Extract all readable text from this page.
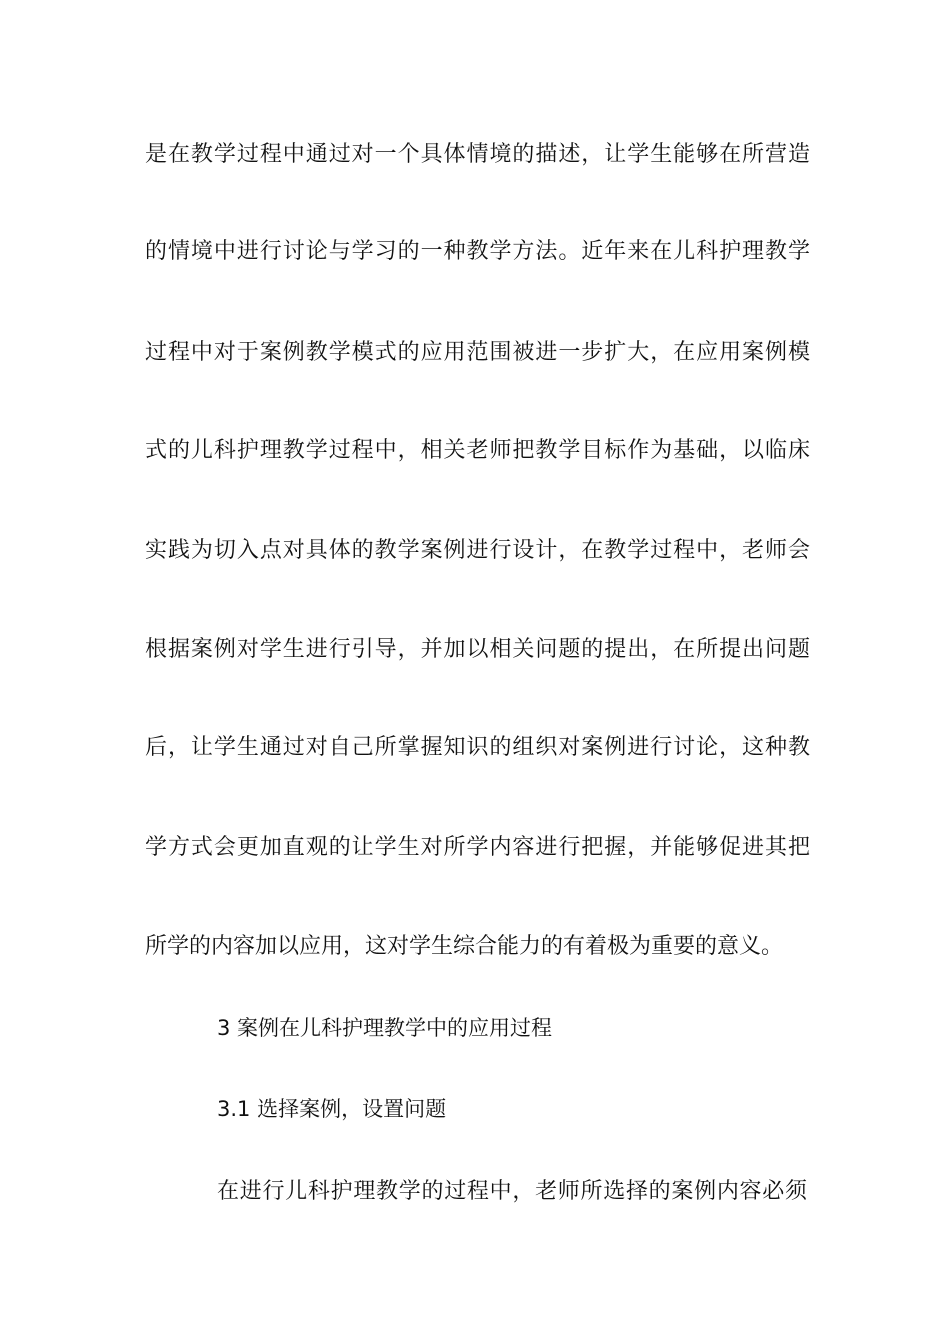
是在教学过程中通过对一个具体情境的描述，让学生能够在所营造
的情境中进行讨论与学习的一种教学方法。近年来在儿科护理教学
过程中对于案例教学模式的应用范围被进一步扩大，在应用案例模
式的儿科护理教学过程中，相关老师把教学目标作为基础，以临床
实践为切入点对具体的教学案例进行设计，在教学过程中，老师会
根据案例对学生进行引导，并加以相关问题的提出，在所提出问题
后，让学生通过对自己所掌握知识的组织对案例进行讨论，这种教
学方式会更加直观的让学生对所学内容进行把握，并能够促进其把
所学的内容加以应用，这对学生综合能力的有着极为重要的意义。
3 案例在儿科护理教学中的应用过程
3.1 选择案例，设置问题
在进行儿科护理教学的过程中，老师所选择的案例内容必须
